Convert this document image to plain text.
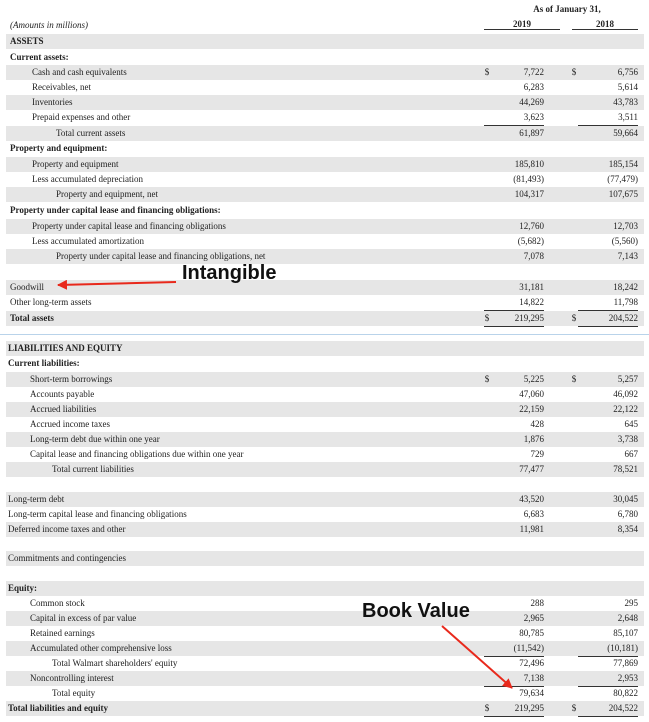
As of January 31,
2019	2018
(Amounts in millions)
ASSETS
Current assets:
Cash and cash equivalents	$	7,722	$	6,756
Receivables, net	6,283	5,614
Inventories	44,269	43,783
Prepaid expenses and other	3,623	3,511
Total current assets	61,897	59,664
Property and equipment:
Property and equipment	185,810	185,154
Less accumulated depreciation	(81,493)	(77,479)
Property and equipment, net	104,317	107,675
Property under capital lease and financing obligations:
Property under capital lease and financing obligations	12,760	12,703
Less accumulated amortization	(5,682)	(5,560)
Property under capital lease and financing obligations, net	7,078	7,143
Goodwill	31,181	18,242
Other long-term assets	14,822	11,798
Total assets	$	219,295	$	204,522
LIABILITIES AND EQUITY
Current liabilities:
Short-term borrowings	$	5,225	$	5,257
Accounts payable	47,060	46,092
Accrued liabilities	22,159	22,122
Accrued income taxes	428	645
Long-term debt due within one year	1,876	3,738
Capital lease and financing obligations due within one year	729	667
Total current liabilities	77,477	78,521
Long-term debt	43,520	30,045
Long-term capital lease and financing obligations	6,683	6,780
Deferred income taxes and other	11,981	8,354
Commitments and contingencies
Equity:
Common stock	288	295
Capital in excess of par value	2,965	2,648
Retained earnings	80,785	85,107
Accumulated other comprehensive loss	(11,542)	(10,181)
Total Walmart shareholders' equity	72,496	77,869
Noncontrolling interest	7,138	2,953
Total equity	79,634	80,822
Total liabilities and equity	$	219,295	$	204,522
Intangible
Book Value
